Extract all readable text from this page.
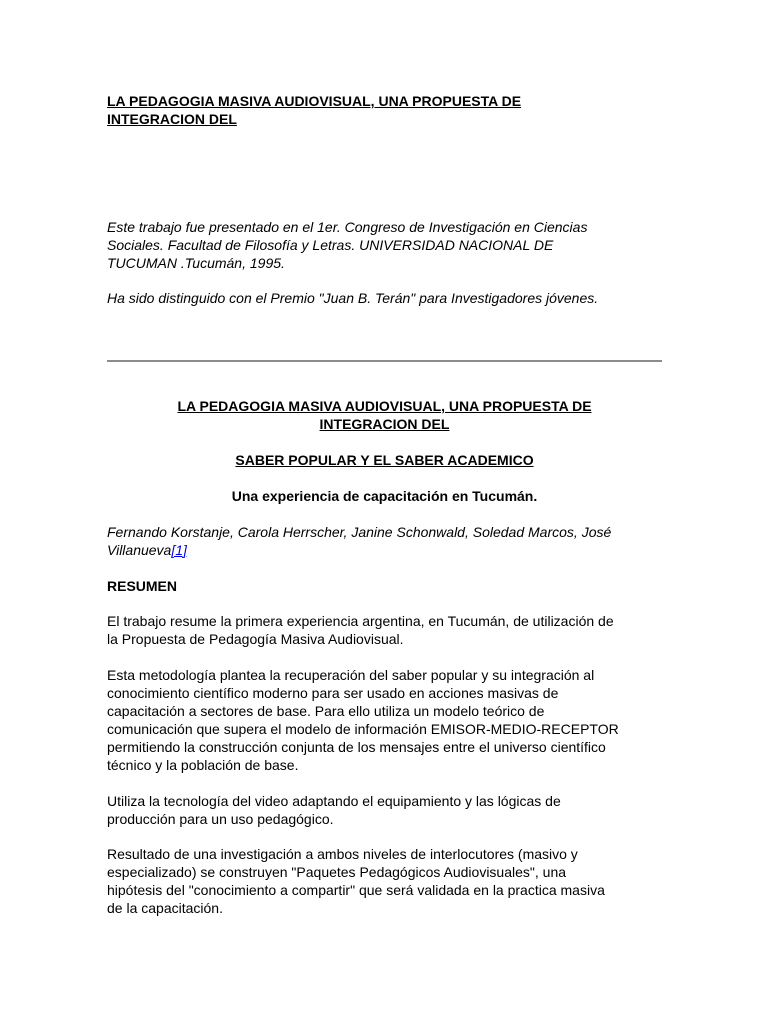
LA PEDAGOGIA MASIVA AUDIOVISUAL, UNA PROPUESTA DE
INTEGRACION DEL
Este trabajo fue presentado en el 1er. Congreso de Investigación en Ciencias
Sociales. Facultad de Filosofía y Letras. UNIVERSIDAD NACIONAL DE
TUCUMAN .Tucumán, 1995.
Ha sido distinguido con el Premio "Juan B. Terán" para Investigadores jóvenes.
LA PEDAGOGIA MASIVA AUDIOVISUAL, UNA PROPUESTA DE
INTEGRACION DEL
SABER POPULAR Y EL SABER ACADEMICO
Una experiencia de capacitación en Tucumán.
Fernando Korstanje, Carola Herrscher, Janine Schonwald, Soledad Marcos, José
Villanueva[1]
RESUMEN
El trabajo resume la primera experiencia argentina, en Tucumán, de utilización de
la Propuesta de Pedagogía Masiva Audiovisual.
Esta metodología plantea la recuperación del saber popular y su integración al
conocimiento científico moderno para ser usado en acciones masivas de
capacitación a sectores de base. Para ello utiliza un modelo teórico de
comunicación que supera el modelo de información EMISOR-MEDIO-RECEPTOR
permitiendo la construcción conjunta de los mensajes entre el universo científico
técnico y la población de base.
Utiliza la tecnología del video adaptando el equipamiento y las lógicas de
producción para un uso pedagógico.
Resultado de una investigación a ambos niveles de interlocutores (masivo y
especializado) se construyen "Paquetes Pedagógicos Audiovisuales", una
hipótesis del "conocimiento a compartir" que será validada en la practica masiva
de la capacitación.
